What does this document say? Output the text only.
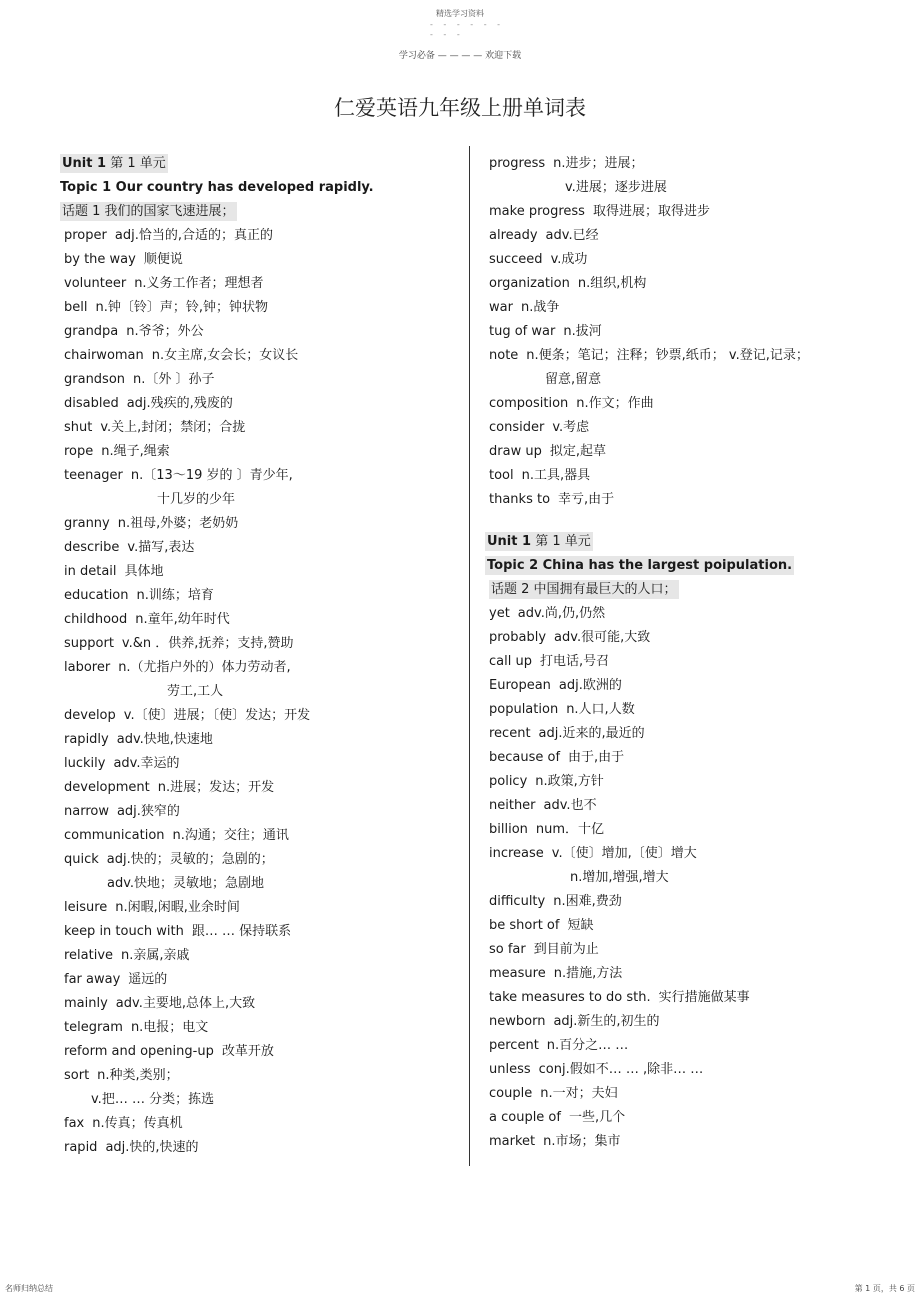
精选学习资料
- - - - - -
- - -
学习必备 — — — — 欢迎下载
仁爱英语九年级上册单词表
Unit 1 第 1 单元
Topic 1 Our country has developed rapidly.
话题 1 我们的国家飞速进展；
proper adj.恰当的,合适的；真正的
by the way 顺便说
volunteer n.义务工作者；理想者
bell n.钟〔铃〕声；铃,钟；钟状物
grandpa n.爷爷；外公
chairwoman n.女主席,女会长；女议长
grandson n.〔外 〕孙子
disabled adj.残疾的,残废的
shut v.关上,封闭；禁闭；合拢
rope n.绳子,绳索
teenager n.〔13～19 岁的 〕青少年,
十几岁的少年
granny n.祖母,外婆；老奶奶
describe v.描写,表达
in detail 具体地
education n.训练；培育
childhood n.童年,幼年时代
support v.&n ．供养,抚养；支持,赞助
laborer n.（尤指户外的）体力劳动者,
劳工,工人
develop v.〔使〕进展；〔使〕发达；开发
rapidly adv.快地,快速地
luckily adv.幸运的
development n.进展；发达；开发
narrow adj.狭窄的
communication n.沟通；交往；通讯
quick adj.快的；灵敏的；急剧的；
adv.快地；灵敏地；急剧地
leisure n.闲暇,闲暇,业余时间
keep in touch with 跟… … 保持联系
relative n.亲属,亲戚
far away 遥远的
mainly adv.主要地,总体上,大致
telegram n.电报；电文
reform and opening-up 改革开放
sort n.种类,类别；
v.把… … 分类；拣选
fax n.传真；传真机
rapid adj.快的,快速的
progress n.进步；进展；
v.进展；逐步进展
make progress 取得进展；取得进步
already adv.已经
succeed v.成功
organization n.组织,机构
war n.战争
tug of war n.拔河
note n.便条；笔记；注释；钞票,纸币； v.登记,记录；
留意,留意
composition n.作文；作曲
consider v.考虑
draw up 拟定,起草
tool n.工具,器具
thanks to 幸亏,由于
Unit 1 第 1 单元
Topic 2 China has the largest poipulation.
话题 2 中国拥有最巨大的人口；
yet adv.尚,仍,仍然
probably adv.很可能,大致
call up 打电话,号召
European adj.欧洲的
population n.人口,人数
recent adj.近来的,最近的
because of 由于,由于
policy n.政策,方针
neither adv.也不
billion num．十亿
increase v.〔使〕增加,〔使〕增大
n.增加,增强,增大
difficulty n.困难,费劲
be short of 短缺
so far 到目前为止
measure n.措施,方法
take measures to do sth. 实行措施做某事
newborn adj.新生的,初生的
percent n.百分之… …
unless conj.假如不… … ,除非… …
couple n.一对；夫妇
a couple of 一些,几个
market n.市场；集市
名师归纳总结	第 1 页，共 6 页
